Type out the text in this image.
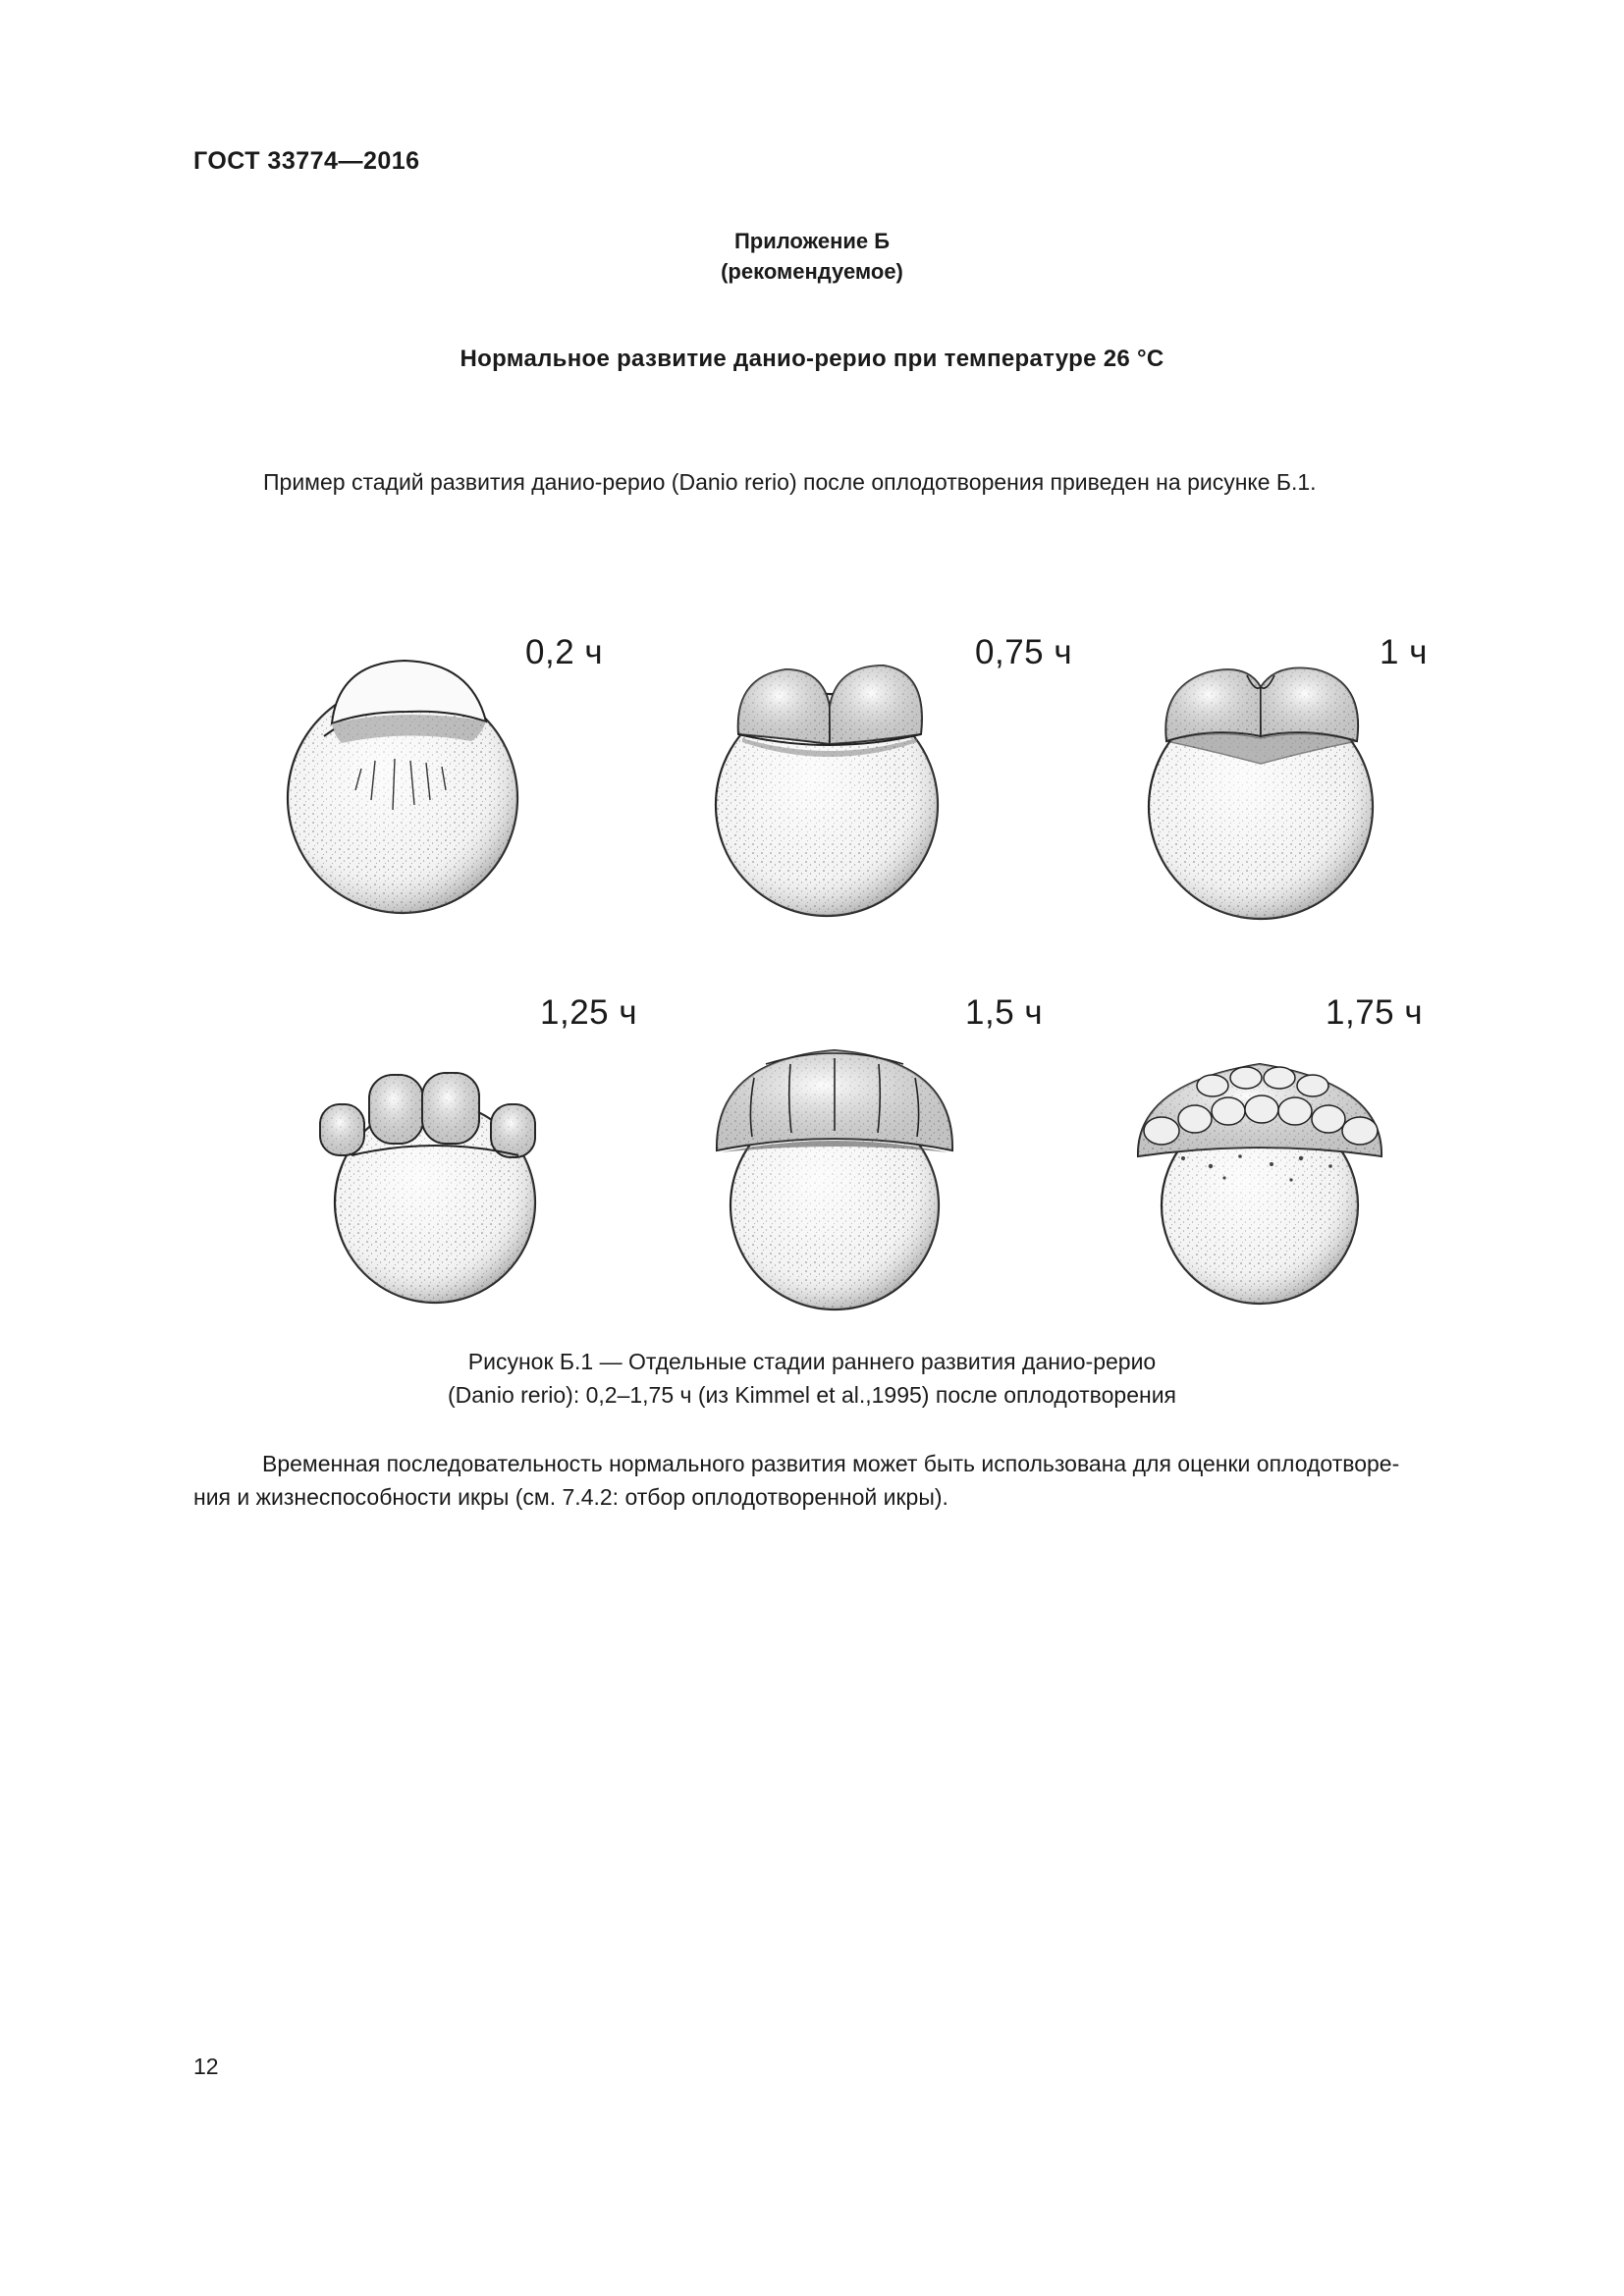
ГОСТ 33774—2016
Приложение Б
(рекомендуемое)
Нормальное развитие данио-рерио при температуре 26 °С
Пример стадий развития данио-рерио (Danio rerio) после оплодотворения приведен на рисунке Б.1.
0,2 ч	0,75 ч	1 ч
1,25 ч	1,5 ч	1,75 ч
Рисунок Б.1 — Отдельные стадии раннего развития данио-рерио
(Danio rerio): 0,2–1,75 ч (из Kimmel et al.,1995) после оплодотворения
Временная последовательность нормального развития может быть использована для оценки оплодотворе-
ния и жизнеспособности икры (см. 7.4.2: отбор оплодотворенной икры).
12
